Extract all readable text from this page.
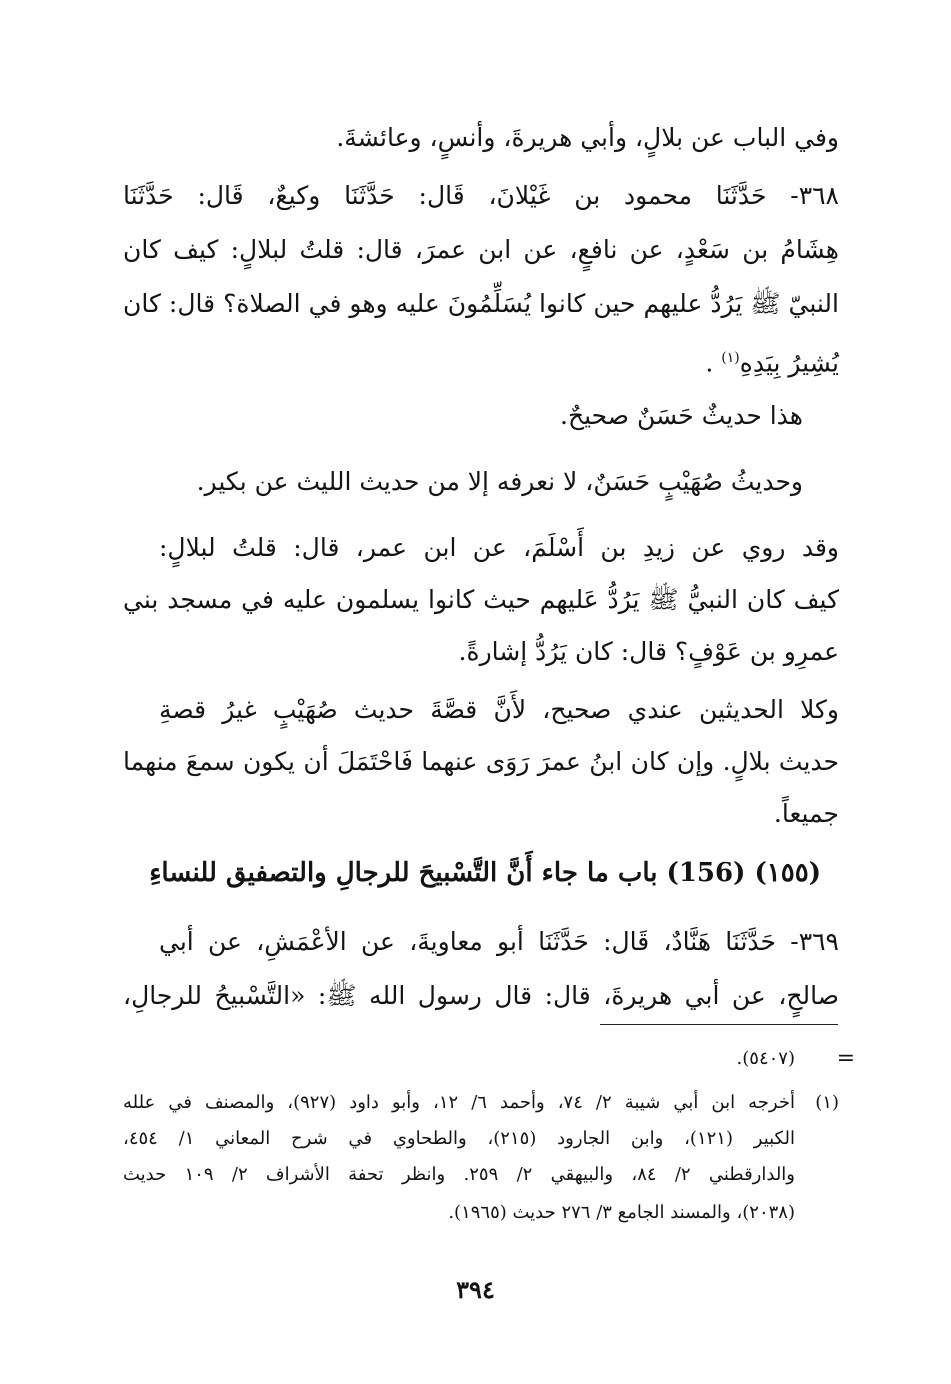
وفي الباب عن بلالٍ، وأبي هريرةَ، وأنسٍ، وعائشةَ.
٣٦٨- حَدَّثَنَا محمود بن غَيْلانَ، قَال: حَدَّثَنَا وكيعٌ، قَال: حَدَّثَنَا
هِشَامُ بن سَعْدٍ، عن نافعٍ، عن ابن عمرَ، قال: قلتُ لبلالٍ: كيف كان
النبيّ ﷺ يَرُدُّ عليهم حين كانوا يُسَلِّمُونَ عليه وهو في الصلاة؟ قال: كان
يُشِيرُ بِيَدِهِ$^{(١)}$ .
هذا حديثٌ حَسَنٌ صحيحٌ.
وحديثُ صُهَيْبٍ حَسَنٌ، لا نعرفه إلا من حديث الليث عن بكير.
وقد روي عن زيدِ بن أَسْلَمَ، عن ابن عمر، قال: قلتُ لبلالٍ:
كيف كان النبيُّ ﷺ يَرُدُّ عَليهم حيث كانوا يسلمون عليه في مسجد بني
عمرِو بن عَوْفٍ؟ قال: كان يَرُدُّ إشارةً.
وكلا الحديثين عندي صحيح، لأَنَّ قصَّةَ حديث صُهَيْبٍ غيرُ قصةِ
حديث بلالٍ. وإن كان ابنُ عمرَ رَوَى عنهما فَاحْتَمَلَ أن يكون سمعَ منهما
جميعاً.
(١٥٥) (156) باب ما جاء أَنَّ التَّسْبيحَ للرجالِ والتصفيق للنساءِ
٣٦٩- حَدَّثَنَا هَنَّادٌ، قَال: حَدَّثَنَا أبو معاويةَ، عن الأعْمَشِ، عن أبي
صالحٍ، عن أبي هريرةَ، قال: قال رسول الله ﷺ: «التَّسْبيحُ للرجالِ،
=
(٥٤٠٧).
(١)
أخرجه ابن أبي شيبة ٢/ ٧٤، وأحمد ٦/ ١٢، وأبو داود (٩٢٧)، والمصنف في علله
الكبير (١٢١)، وابن الجارود (٢١٥)، والطحاوي في شرح المعاني ١/ ٤٥٤،
والدارقطني ٢/ ٨٤، والبيهقي ٢/ ٢٥٩. وانظر تحفة الأشراف ٢/ ١٠٩ حديث
(٢٠٣٨)، والمسند الجامع ٣/ ٢٧٦ حديث (١٩٦٥).
٣٩٤
